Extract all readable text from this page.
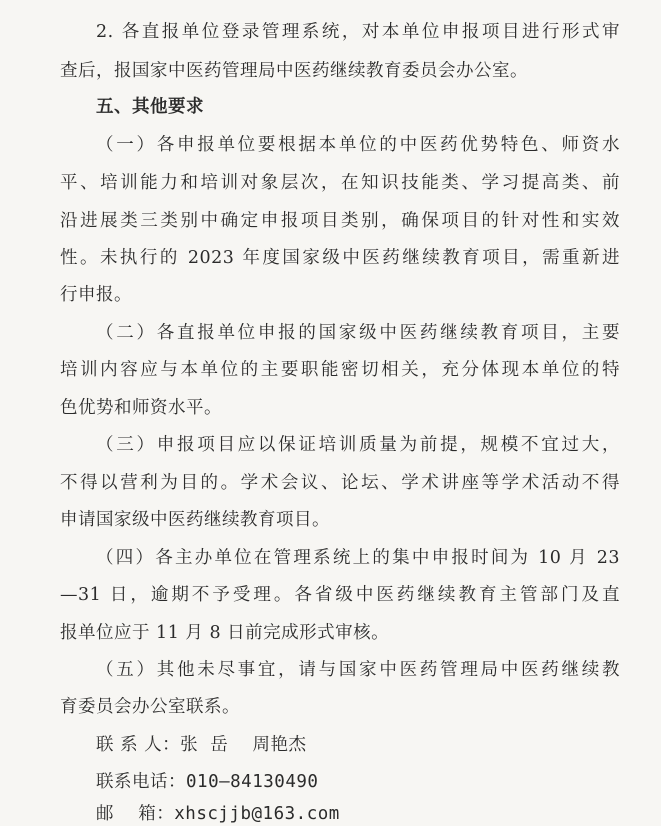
2. 各直报单位登录管理系统，对本单位申报项目进行形式审
查后，报国家中医药管理局中医药继续教育委员会办公室。
五、其他要求
（一）各申报单位要根据本单位的中医药优势特色、师资水
平、培训能力和培训对象层次，在知识技能类、学习提高类、前
沿进展类三类别中确定申报项目类别，确保项目的针对性和实效
性。未执行的 2023 年度国家级中医药继续教育项目，需重新进
行申报。
（二）各直报单位申报的国家级中医药继续教育项目，主要
培训内容应与本单位的主要职能密切相关，充分体现本单位的特
色优势和师资水平。
（三）申报项目应以保证培训质量为前提，规模不宜过大，
不得以营利为目的。学术会议、论坛、学术讲座等学术活动不得
申请国家级中医药继续教育项目。
（四）各主办单位在管理系统上的集中申报时间为 10 月 23
—31 日，逾期不予受理。各省级中医药继续教育主管部门及直
报单位应于 11 月 8 日前完成形式审核。
（五）其他未尽事宜，请与国家中医药管理局中医药继续教
育委员会办公室联系。
联 系 人：张  岳    周艳杰
联系电话：010—84130490
邮    箱：xhscjjb@163.com
